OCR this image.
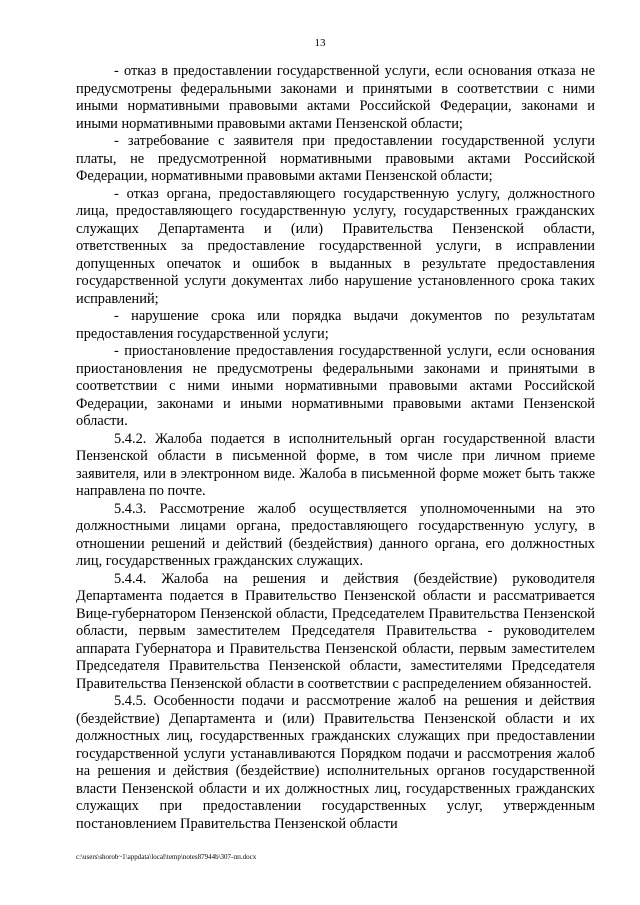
13

- отказ в предоставлении государственной услуги, если основания отказа не предусмотрены федеральными законами и принятыми в соответствии с ними иными нормативными правовыми актами Российской Федерации, законами и иными нормативными правовыми актами Пензенской области;

- затребование с заявителя при предоставлении государственной услуги платы, не предусмотренной нормативными правовыми актами Российской Федерации, нормативными правовыми актами Пензенской области;

- отказ органа, предоставляющего государственную услугу, должностного лица, предоставляющего государственную услугу, государственных гражданских служащих Департамента и (или) Правительства Пензенской области, ответственных за предоставление государственной услуги, в исправлении допущенных опечаток и ошибок в выданных в результате предоставления государственной услуги документах либо нарушение установленного срока таких исправлений;

- нарушение срока или порядка выдачи документов по результатам предоставления государственной услуги;

- приостановление предоставления государственной услуги, если основания приостановления не предусмотрены федеральными законами и принятыми в соответствии с ними иными нормативными правовыми актами Российской Федерации, законами и иными нормативными правовыми актами Пензенской области.

5.4.2. Жалоба подается в исполнительный орган государственной власти Пензенской области в письменной форме, в том числе при личном приеме заявителя, или в электронном виде. Жалоба в письменной форме может быть также направлена по почте.

5.4.3. Рассмотрение жалоб осуществляется уполномоченными на это должностными лицами органа, предоставляющего государственную услугу, в отношении решений и действий (бездействия) данного органа, его должностных лиц, государственных гражданских служащих.

5.4.4. Жалоба на решения и действия (бездействие) руководителя Департамента подается в Правительство Пензенской области и рассматривается Вице-губернатором Пензенской области, Председателем Правительства Пензенской области, первым заместителем Председателя Правительства - руководителем аппарата Губернатора и Правительства Пензенской области, первым заместителем Председателя Правительства Пензенской области, заместителями Председателя Правительства Пензенской области в соответствии с распределением обязанностей.

5.4.5. Особенности подачи и рассмотрение жалоб на решения и действия (бездействие) Департамента и (или) Правительства Пензенской области и их должностных лиц, государственных гражданских служащих при предоставлении государственной услуги устанавливаются Порядком подачи и рассмотрения жалоб на решения и действия (бездействие) исполнительных органов государственной власти Пензенской области и их должностных лиц, государственных гражданских служащих при предоставлении государственных услуг, утвержденным постановлением Правительства Пензенской области

c:\users\shorob~1\appdata\local\temp\notes87944b\307-пп.docx
